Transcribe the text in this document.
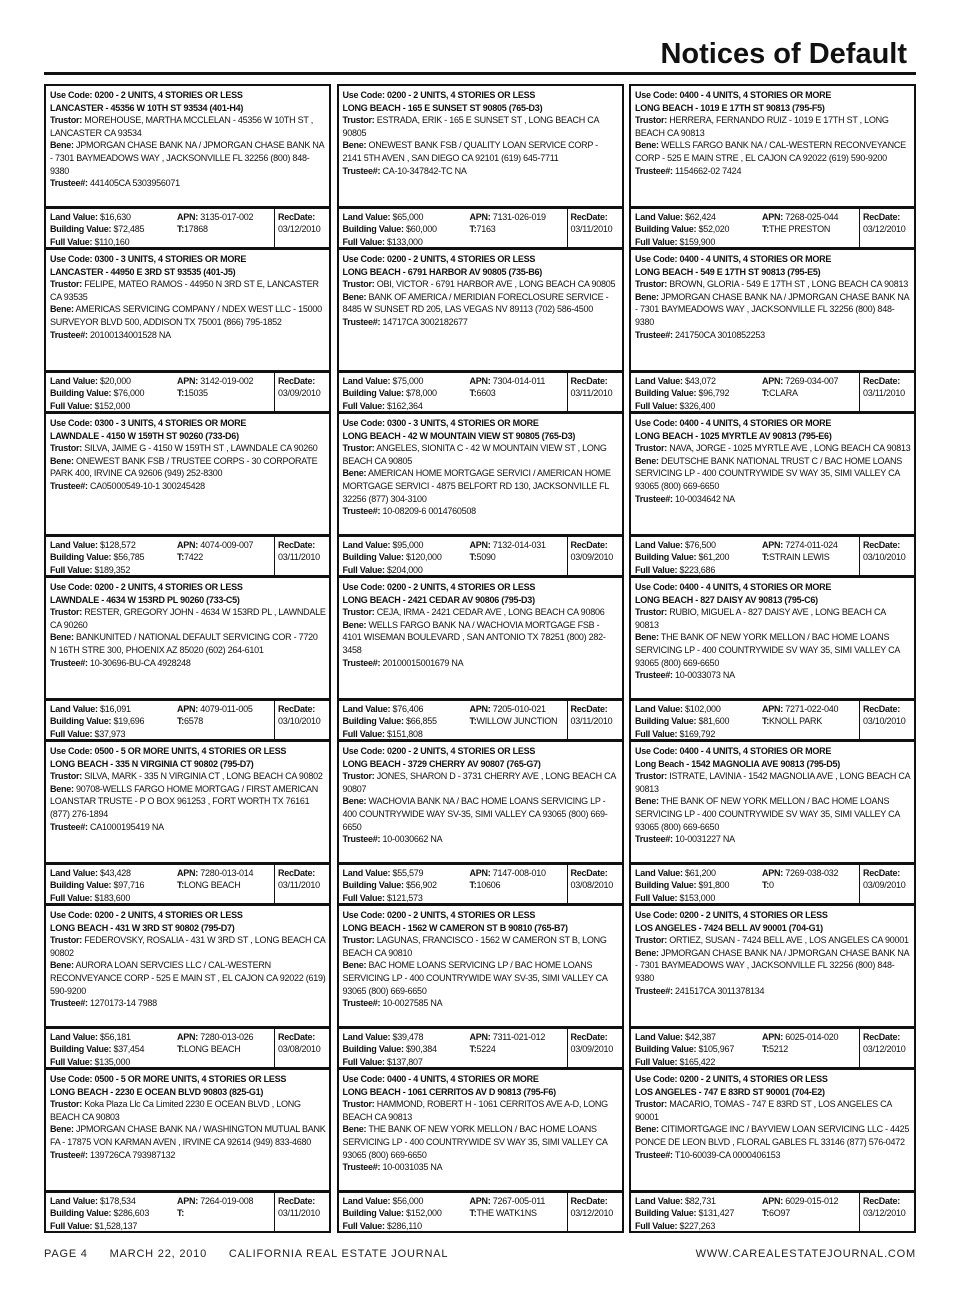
Notices of Default
Use Code: 0200 - 2 UNITS, 4 STORIES OR LESS
LANCASTER - 45356 W 10TH ST 93534 (401-H4)
Trustor: MOREHOUSE, MARTHA MCCLELAN - 45356 W 10TH ST , LANCASTER CA 93534
Bene: JPMORGAN CHASE BANK NA / JPMORGAN CHASE BANK NA - 7301 BAYMEADOWS WAY , JACKSONVILLE FL 32256 (800) 848-9380
Trustee#: 441405CA 5303956071
Land Value: $16,630
Building Value: $72,485
Full Value: $110,160
APN: 3135-017-002
T:17868
RecDate:
03/12/2010
Use Code: 0200 - 2 UNITS, 4 STORIES OR LESS
LONG BEACH - 165 E SUNSET ST 90805 (765-D3)
Trustor: ESTRADA, ERIK - 165 E SUNSET ST , LONG BEACH CA 90805
Bene: ONEWEST BANK FSB / QUALITY LOAN SERVICE CORP - 2141 5TH AVEN , SAN DIEGO CA 92101 (619) 645-7711
Trustee#: CA-10-347842-TC NA
Land Value: $65,000
Building Value: $60,000
Full Value: $133,000
APN: 7131-026-019
T:7163
RecDate:
03/11/2010
Use Code: 0400 - 4 UNITS, 4 STORIES OR MORE
LONG BEACH - 1019 E 17TH ST 90813 (795-F5)
Trustor: HERRERA, FERNANDO RUIZ - 1019 E 17TH ST , LONG BEACH CA 90813
Bene: WELLS FARGO BANK NA / CAL-WESTERN RECONVEYANCE CORP - 525 E MAIN STRE , EL CAJON CA 92022 (619) 590-9200
Trustee#: 1154662-02 7424
Land Value: $62,424
Building Value: $52,020
Full Value: $159,900
APN: 7268-025-044
T:THE PRESTON
RecDate:
03/12/2010
Use Code: 0300 - 3 UNITS, 4 STORIES OR MORE
LANCASTER - 44950 E 3RD ST 93535 (401-J5)
Trustor: FELIPE, MATEO RAMOS - 44950 N 3RD ST E, LANCASTER CA 93535
Bene: AMERICAS SERVICING COMPANY / NDEX WEST LLC - 15000 SURVEYOR BLVD 500, ADDISON TX 75001 (866) 795-1852
Trustee#: 20100134001528 NA
Land Value: $20,000
Building Value: $76,000
Full Value: $152,000
APN: 3142-019-002
T:15035
RecDate:
03/09/2010
Use Code: 0200 - 2 UNITS, 4 STORIES OR LESS
LONG BEACH - 6791 HARBOR AV 90805 (735-B6)
Trustor: OBI, VICTOR - 6791 HARBOR AVE , LONG BEACH CA 90805
Bene: BANK OF AMERICA / MERIDIAN FORECLOSURE SERVICE - 8485 W SUNSET RD 205, LAS VEGAS NV 89113 (702) 586-4500
Trustee#: 14717CA 3002182677
Land Value: $75,000
Building Value: $78,000
Full Value: $162,364
APN: 7304-014-011
T:6603
RecDate:
03/11/2010
Use Code: 0400 - 4 UNITS, 4 STORIES OR MORE
LONG BEACH - 549 E 17TH ST 90813 (795-E5)
Trustor: BROWN, GLORIA - 549 E 17TH ST , LONG BEACH CA 90813
Bene: JPMORGAN CHASE BANK NA / JPMORGAN CHASE BANK NA - 7301 BAYMEADOWS WAY , JACKSONVILLE FL 32256 (800) 848-9380
Trustee#: 241750CA 3010852253
Land Value: $43,072
Building Value: $96,792
Full Value: $326,400
APN: 7269-034-007
T:CLARA
RecDate:
03/11/2010
Use Code: 0300 - 3 UNITS, 4 STORIES OR MORE
LAWNDALE - 4150 W 159TH ST 90260 (733-D6)
Trustor: SILVA, JAIME G - 4150 W 159TH ST , LAWNDALE CA 90260
Bene: ONEWEST BANK FSB / TRUSTEE CORPS - 30 CORPORATE PARK 400, IRVINE CA 92606 (949) 252-8300
Trustee#: CA05000549-10-1 300245428
Land Value: $128,572
Building Value: $56,785
Full Value: $189,352
APN: 4074-009-007
T:7422
RecDate:
03/11/2010
Use Code: 0300 - 3 UNITS, 4 STORIES OR MORE
LONG BEACH - 42 W MOUNTAIN VIEW ST 90805 (765-D3)
Trustor: ANGELES, SIONITA C - 42 W MOUNTAIN VIEW ST , LONG BEACH CA 90805
Bene: AMERICAN HOME MORTGAGE SERVICI / AMERICAN HOME MORTGAGE SERVICI - 4875 BELFORT RD 130, JACKSONVILLE FL 32256 (877) 304-3100
Trustee#: 10-08209-6 0014760508
Land Value: $95,000
Building Value: $120,000
Full Value: $204,000
APN: 7132-014-031
T:5090
RecDate:
03/09/2010
Use Code: 0400 - 4 UNITS, 4 STORIES OR MORE
LONG BEACH - 1025 MYRTLE AV 90813 (795-E6)
Trustor: NAVA, JORGE - 1025 MYRTLE AVE , LONG BEACH CA 90813
Bene: DEUTSCHE BANK NATIONAL TRUST C / BAC HOME LOANS SERVICING LP - 400 COUNTRYWIDE SV WAY 35, SIMI VALLEY CA 93065 (800) 669-6650
Trustee#: 10-0034642 NA
Land Value: $76,500
Building Value: $61,200
Full Value: $223,686
APN: 7274-011-024
T:STRAIN LEWIS
RecDate:
03/10/2010
Use Code: 0200 - 2 UNITS, 4 STORIES OR LESS
LAWNDALE - 4634 W 153RD PL 90260 (733-C5)
Trustor: RESTER, GREGORY JOHN - 4634 W 153RD PL , LAWNDALE CA 90260
Bene: BANKUNITED / NATIONAL DEFAULT SERVICING COR - 7720 N 16TH STRE 300, PHOENIX AZ 85020 (602) 264-6101
Trustee#: 10-30696-BU-CA 4928248
Land Value: $16,091
Building Value: $19,696
Full Value: $37,973
APN: 4079-011-005
T:6578
RecDate:
03/10/2010
Use Code: 0200 - 2 UNITS, 4 STORIES OR LESS
LONG BEACH - 2421 CEDAR AV 90806 (795-D3)
Trustor: CEJA, IRMA - 2421 CEDAR AVE , LONG BEACH CA 90806
Bene: WELLS FARGO BANK NA / WACHOVIA MORTGAGE FSB - 4101 WISEMAN BOULEVARD , SAN ANTONIO TX 78251 (800) 282-3458
Trustee#: 20100015001679 NA
Land Value: $76,406
Building Value: $66,855
Full Value: $151,808
APN: 7205-010-021
T:WILLOW JUNCTION
RecDate:
03/11/2010
Use Code: 0400 - 4 UNITS, 4 STORIES OR MORE
LONG BEACH - 827 DAISY AV 90813 (795-C6)
Trustor: RUBIO, MIGUEL A - 827 DAISY AVE , LONG BEACH CA 90813
Bene: THE BANK OF NEW YORK MELLON / BAC HOME LOANS SERVICING LP - 400 COUNTRYWIDE SV WAY 35, SIMI VALLEY CA 93065 (800) 669-6650
Trustee#: 10-0033073 NA
Land Value: $102,000
Building Value: $81,600
Full Value: $169,792
APN: 7271-022-040
T:KNOLL PARK
RecDate:
03/10/2010
Use Code: 0500 - 5 OR MORE UNITS, 4 STORIES OR LESS
LONG BEACH - 335 N VIRGINIA CT 90802 (795-D7)
Trustor: SILVA, MARK - 335 N VIRGINIA CT , LONG BEACH CA 90802
Bene: 90708-WELLS FARGO HOME MORTGAG / FIRST AMERICAN LOANSTAR TRUSTE - P O BOX 961253 , FORT WORTH TX 76161 (877) 276-1894
Trustee#: CA1000195419 NA
Land Value: $43,428
Building Value: $97,716
Full Value: $183,600
APN: 7280-013-014
T:LONG BEACH
RecDate:
03/11/2010
Use Code: 0200 - 2 UNITS, 4 STORIES OR LESS
LONG BEACH - 3729 CHERRY AV 90807 (765-G7)
Trustor: JONES, SHARON D - 3731 CHERRY AVE , LONG BEACH CA 90807
Bene: WACHOVIA BANK NA / BAC HOME LOANS SERVICING LP - 400 COUNTRYWIDE WAY SV-35, SIMI VALLEY CA 93065 (800) 669-6650
Trustee#: 10-0030662 NA
Land Value: $55,579
Building Value: $56,902
Full Value: $121,573
APN: 7147-008-010
T:10606
RecDate:
03/08/2010
Use Code: 0400 - 4 UNITS, 4 STORIES OR MORE
Long Beach - 1542 MAGNOLIA AVE 90813 (795-D5)
Trustor: ISTRATE, LAVINIA - 1542 MAGNOLIA AVE , LONG BEACH CA 90813
Bene: THE BANK OF NEW YORK MELLON / BAC HOME LOANS SERVICING LP - 400 COUNTRYWIDE SV WAY 35, SIMI VALLEY CA 93065 (800) 669-6650
Trustee#: 10-0031227 NA
Land Value: $61,200
Building Value: $91,800
Full Value: $153,000
APN: 7269-038-032
T:0
RecDate:
03/09/2010
Use Code: 0200 - 2 UNITS, 4 STORIES OR LESS
LONG BEACH - 431 W 3RD ST 90802 (795-D7)
Trustor: FEDEROVSKY, ROSALIA - 431 W 3RD ST , LONG BEACH CA 90802
Bene: AURORA LOAN SERVCIES LLC / CAL-WESTERN RECONVEYANCE CORP - 525 E MAIN ST , EL CAJON CA 92022 (619) 590-9200
Trustee#: 1270173-14 7988
Land Value: $56,181
Building Value: $37,454
Full Value: $135,000
APN: 7280-013-026
T:LONG BEACH
RecDate:
03/08/2010
Use Code: 0200 - 2 UNITS, 4 STORIES OR LESS
LONG BEACH - 1562 W CAMERON ST B 90810 (765-B7)
Trustor: LAGUNAS, FRANCISCO - 1562 W CAMERON ST B, LONG BEACH CA 90810
Bene: BAC HOME LOANS SERVICING LP / BAC HOME LOANS SERVICING LP - 400 COUNTRYWIDE WAY SV-35, SIMI VALLEY CA 93065 (800) 669-6650
Trustee#: 10-0027585 NA
Land Value: $39,478
Building Value: $90,384
Full Value: $137,807
APN: 7311-021-012
T:5224
RecDate:
03/09/2010
Use Code: 0200 - 2 UNITS, 4 STORIES OR LESS
LOS ANGELES - 7424 BELL AV 90001 (704-G1)
Trustor: ORTIEZ, SUSAN - 7424 BELL AVE , LOS ANGELES CA 90001
Bene: JPMORGAN CHASE BANK NA / JPMORGAN CHASE BANK NA - 7301 BAYMEADOWS WAY , JACKSONVILLE FL 32256 (800) 848-9380
Trustee#: 241517CA 3011378134
Land Value: $42,387
Building Value: $105,967
Full Value: $165,422
APN: 6025-014-020
T:5212
RecDate:
03/12/2010
Use Code: 0500 - 5 OR MORE UNITS, 4 STORIES OR LESS
LONG BEACH - 2230 E OCEAN BLVD 90803 (825-G1)
Trustor: Koka Plaza Llc Ca Limited 2230 E OCEAN BLVD , LONG BEACH CA 90803
Bene: JPMORGAN CHASE BANK NA / WASHINGTON MUTUAL BANK FA - 17875 VON KARMAN AVEN , IRVINE CA 92614 (949) 833-4680
Trustee#: 139726CA 793987132
Land Value: $178,534
Building Value: $286,603
Full Value: $1,528,137
APN: 7264-019-008
T:
RecDate:
03/11/2010
Use Code: 0400 - 4 UNITS, 4 STORIES OR MORE
LONG BEACH - 1061 CERRITOS AV D 90813 (795-F6)
Trustor: HAMMOND, ROBERT H - 1061 CERRITOS AVE A-D, LONG BEACH CA 90813
Bene: THE BANK OF NEW YORK MELLON / BAC HOME LOANS SERVICING LP - 400 COUNTRYWIDE SV WAY 35, SIMI VALLEY CA 93065 (800) 669-6650
Trustee#: 10-0031035 NA
Land Value: $56,000
Building Value: $152,000
Full Value: $286,110
APN: 7267-005-011
T:THE WATK1NS
RecDate:
03/12/2010
Use Code: 0200 - 2 UNITS, 4 STORIES OR LESS
LOS ANGELES - 747 E 83RD ST 90001 (704-E2)
Trustor: MACARIO, TOMAS - 747 E 83RD ST , LOS ANGELES CA 90001
Bene: CITIMORTGAGE INC / BAYVIEW LOAN SERVICING LLC - 4425 PONCE DE LEON BLVD , FLORAL GABLES FL 33146 (877) 576-0472
Trustee#: T10-60039-CA 0000406153
Land Value: $82,731
Building Value: $131,427
Full Value: $227,263
APN: 6029-015-012
T:6O97
RecDate:
03/12/2010
PAGE 4 MARCH 22, 2010 CALIFORNIA REAL ESTATE JOURNAL	WWW.CAREALESTATEJOURNAL.COM
